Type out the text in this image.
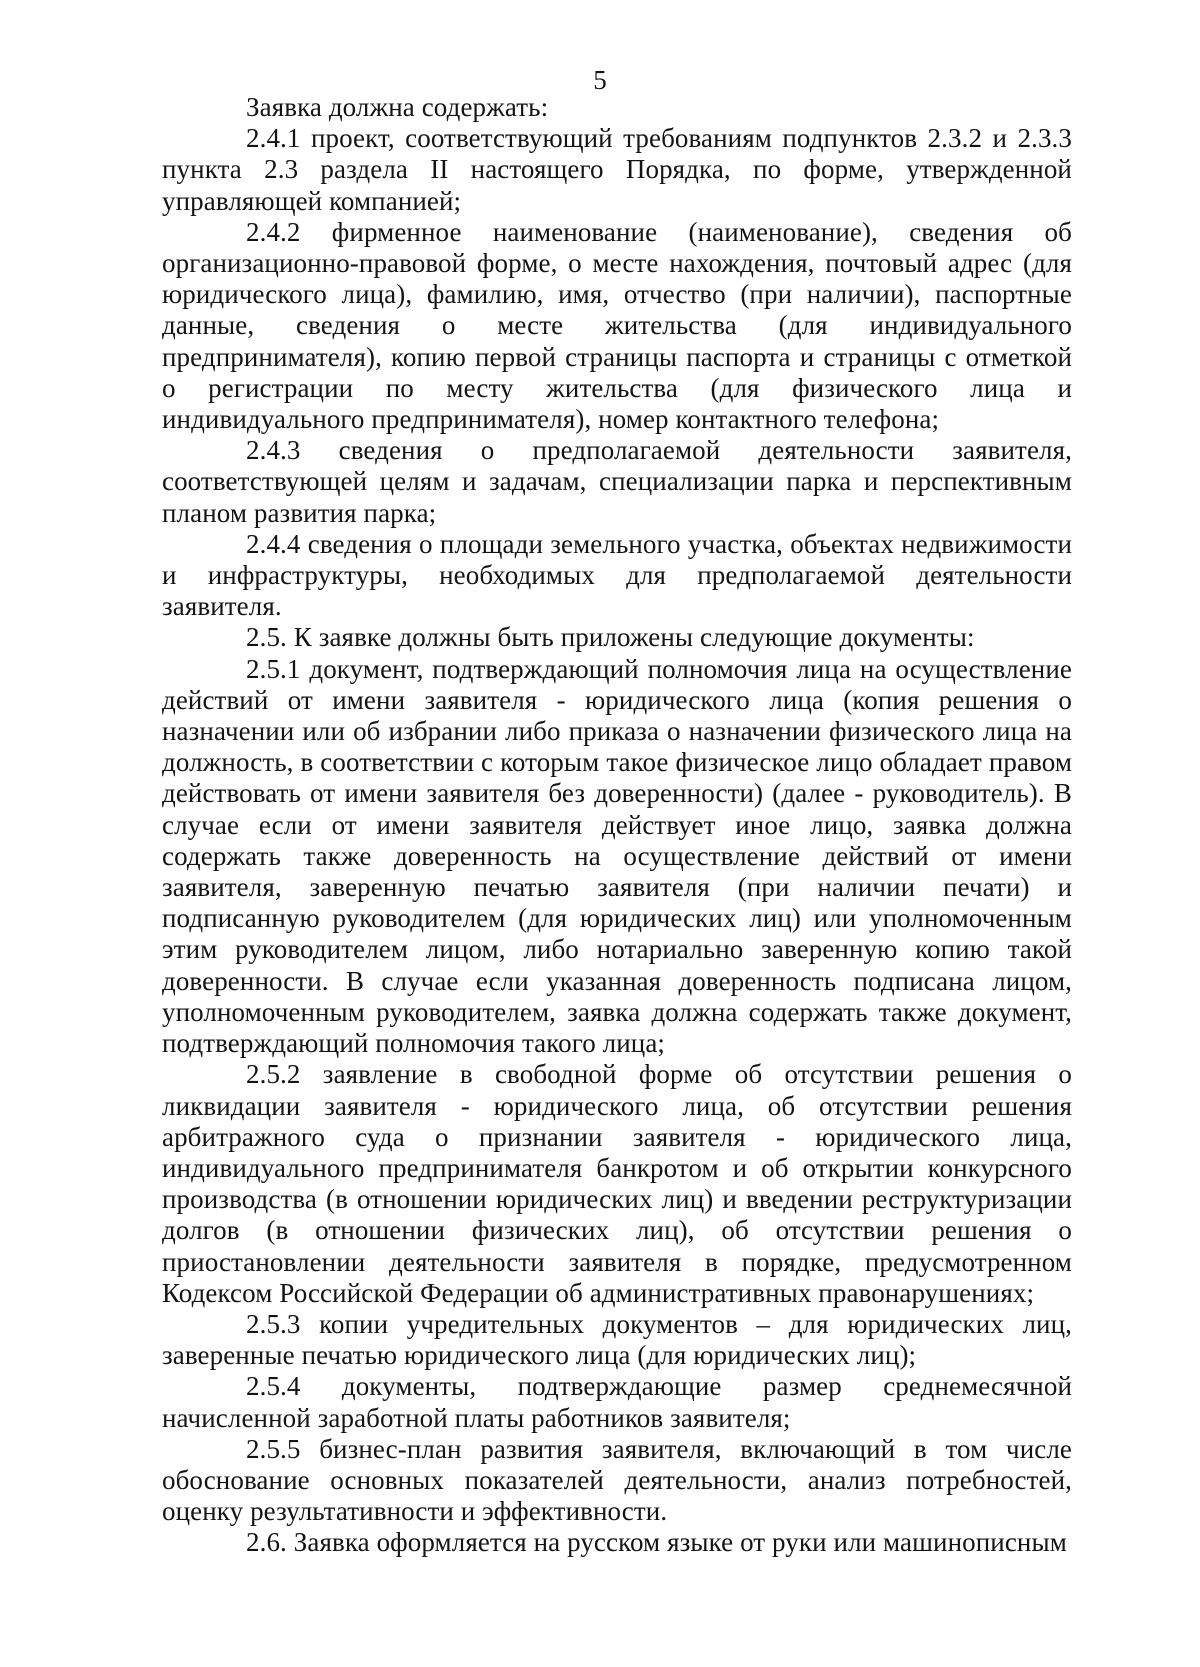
5

Заявка должна содержать:

2.4.1 проект, соответствующий требованиям подпунктов 2.3.2 и 2.3.3 пункта 2.3 раздела II настоящего Порядка, по форме, утвержденной управляющей компанией;

2.4.2 фирменное наименование (наименование), сведения об организационно-правовой форме, о месте нахождения, почтовый адрес (для юридического лица), фамилию, имя, отчество (при наличии), паспортные данные, сведения о месте жительства (для индивидуального предпринимателя), копию первой страницы паспорта и страницы с отметкой о регистрации по месту жительства (для физического лица и индивидуального предпринимателя), номер контактного телефона;

2.4.3 сведения о предполагаемой деятельности заявителя, соответствующей целям и задачам, специализации парка и перспективным планом развития парка;

2.4.4 сведения о площади земельного участка, объектах недвижимости и инфраструктуры, необходимых для предполагаемой деятельности заявителя.

2.5. К заявке должны быть приложены следующие документы:

2.5.1 документ, подтверждающий полномочия лица на осуществление действий от имени заявителя - юридического лица (копия решения о назначении или об избрании либо приказа о назначении физического лица на должность, в соответствии с которым такое физическое лицо обладает правом действовать от имени заявителя без доверенности) (далее - руководитель). В случае если от имени заявителя действует иное лицо, заявка должна содержать также доверенность на осуществление действий от имени заявителя, заверенную печатью заявителя (при наличии печати) и подписанную руководителем (для юридических лиц) или уполномоченным этим руководителем лицом, либо нотариально заверенную копию такой доверенности. В случае если указанная доверенность подписана лицом, уполномоченным руководителем, заявка должна содержать также документ, подтверждающий полномочия такого лица;

2.5.2 заявление в свободной форме об отсутствии решения о ликвидации заявителя - юридического лица, об отсутствии решения арбитражного суда о признании заявителя - юридического лица, индивидуального предпринимателя банкротом и об открытии конкурсного производства (в отношении юридических лиц) и введении реструктуризации долгов (в отношении физических лиц), об отсутствии решения о приостановлении деятельности заявителя в порядке, предусмотренном Кодексом Российской Федерации об административных правонарушениях;

2.5.3 копии учредительных документов – для юридических лиц, заверенные печатью юридического лица (для юридических лиц);

2.5.4 документы, подтверждающие размер среднемесячной начисленной заработной платы работников заявителя;

2.5.5 бизнес-план развития заявителя, включающий в том числе обоснование основных показателей деятельности, анализ потребностей, оценку результативности и эффективности.

2.6. Заявка оформляется на русском языке от руки или машинописным
